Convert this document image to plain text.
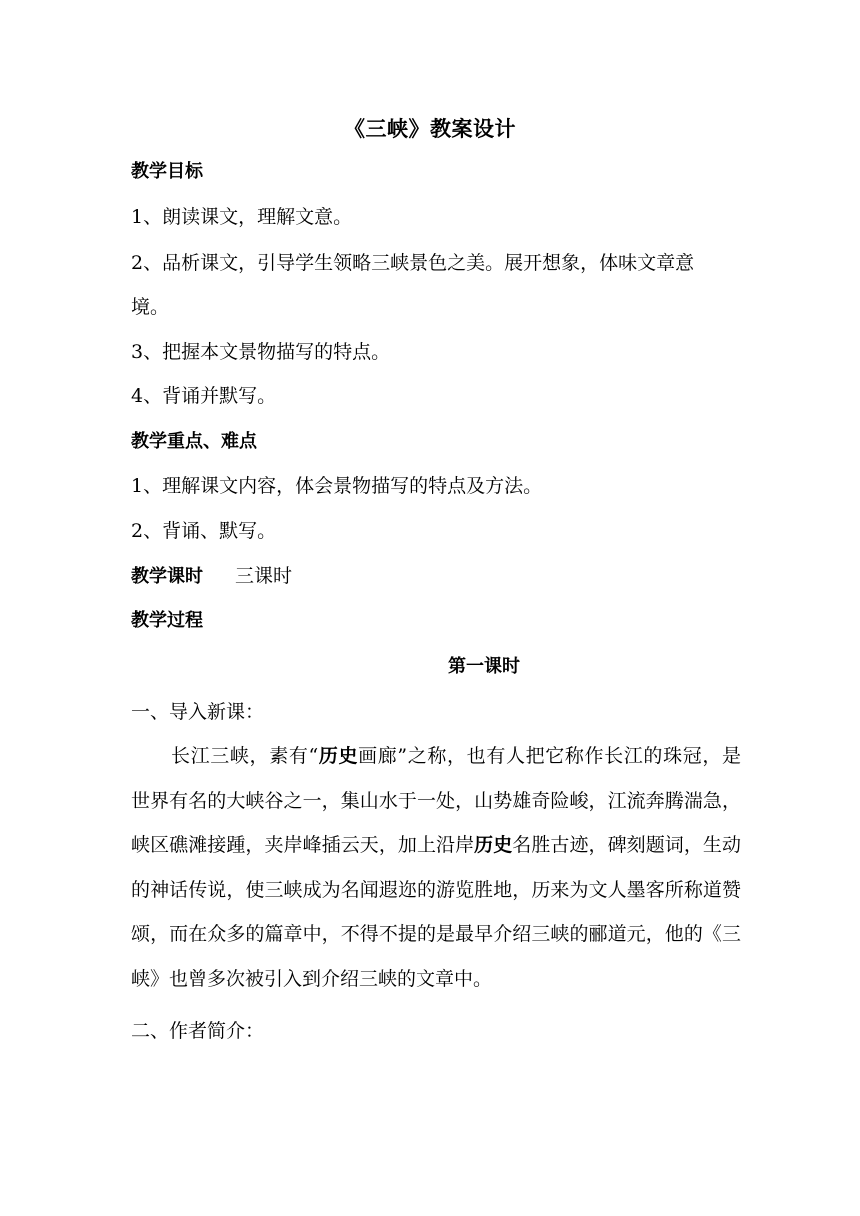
《三峡》教案设计
教学目标
1、朗读课文，理解文意。
2、品析课文，引导学生领略三峡景色之美。展开想象，体味文章意
境。
3、把握本文景物描写的特点。
4、背诵并默写。
教学重点、难点
1、理解课文内容，体会景物描写的特点及方法。
2、背诵、默写。
教学课时 三课时
教学过程
第一课时
一、导入新课：
长江三峡，素有“历史画廊”之称，也有人把它称作长江的珠冠，是世界有名的大峡谷之一，集山水于一处，山势雄奇险峻，江流奔腾湍急，峡区礁滩接踵，夹岸峰插云天，加上沿岸历史名胜古迹，碑刻题词，生动的神话传说，使三峡成为名闻遐迩的游览胜地，历来为文人墨客所称道赞颂，而在众多的篇章中，不得不提的是最早介绍三峡的郦道元，他的《三峡》也曾多次被引入到介绍三峡的文章中。
二、作者简介：
